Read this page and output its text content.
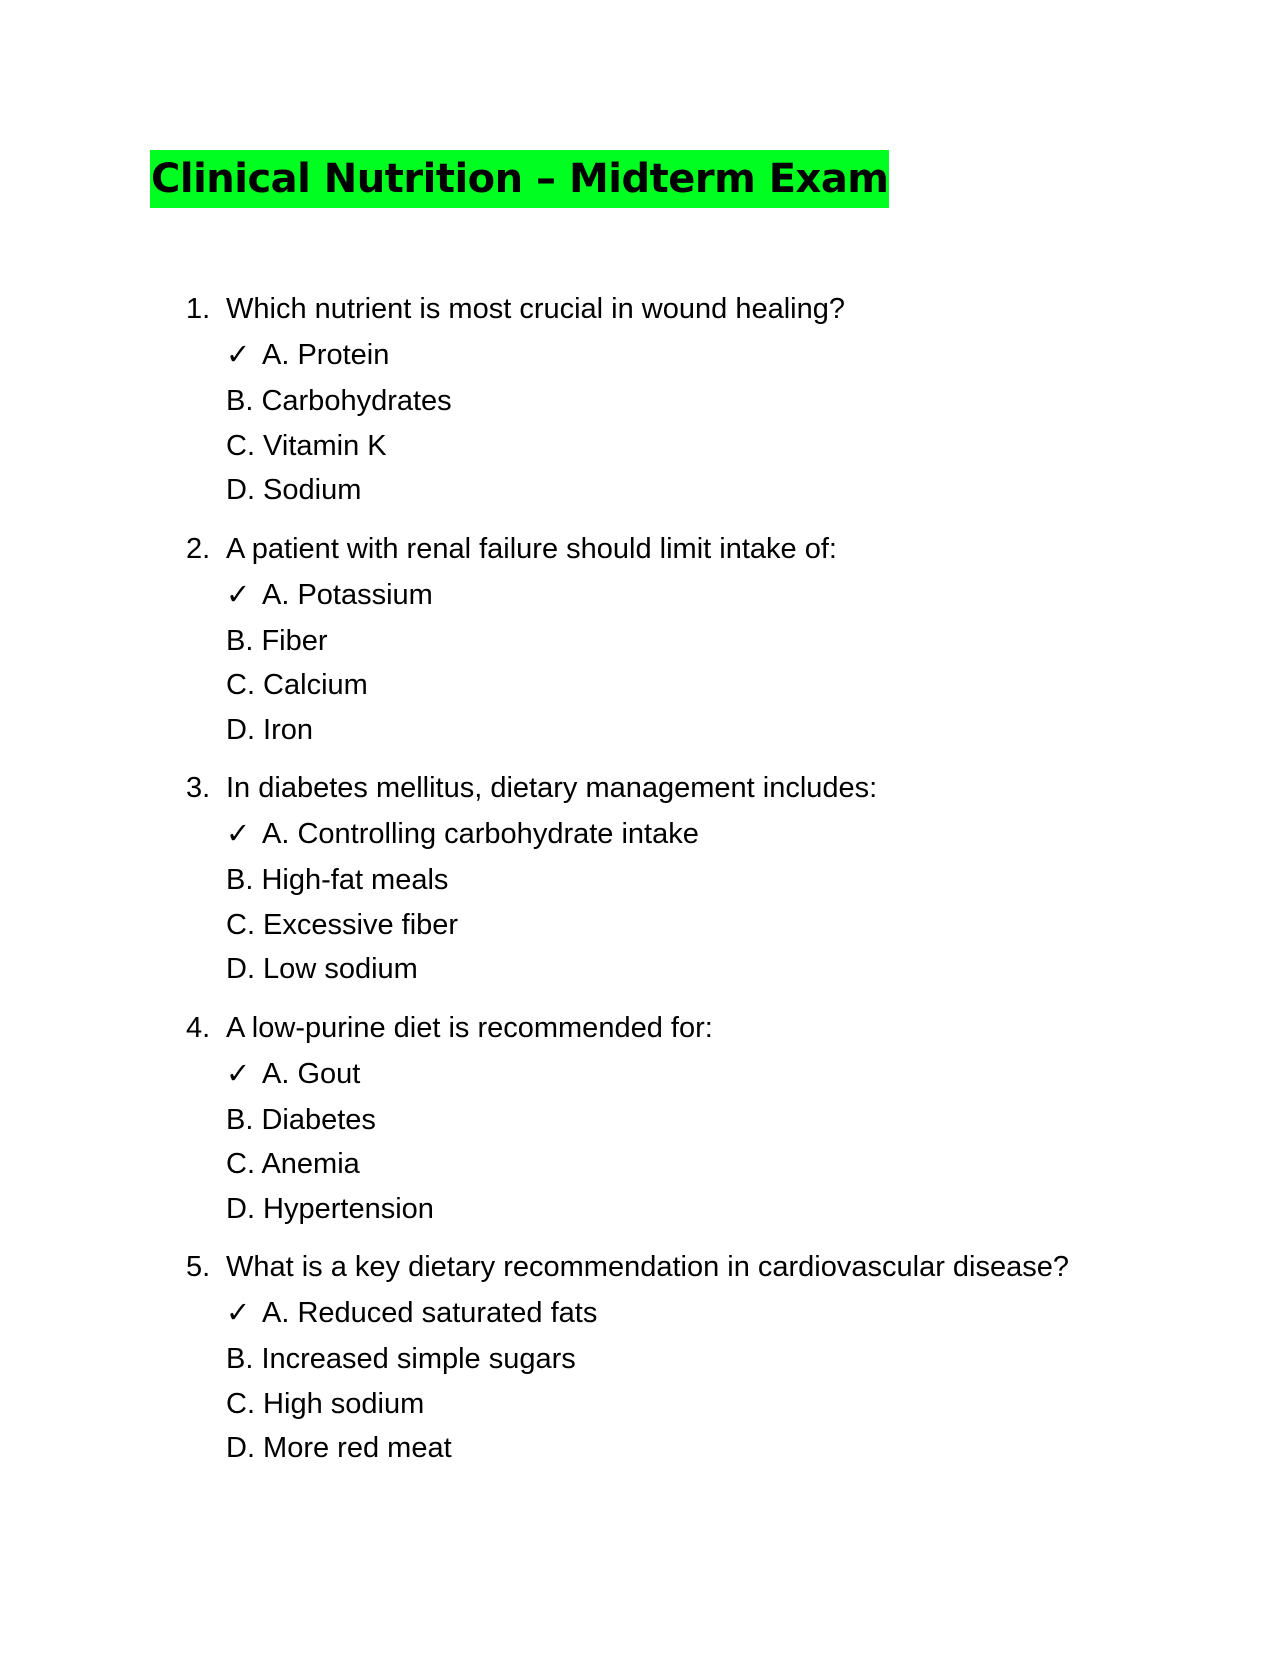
Clinical Nutrition – Midterm Exam
1. Which nutrient is most crucial in wound healing?
✓ A. Protein
B. Carbohydrates
C. Vitamin K
D. Sodium
2. A patient with renal failure should limit intake of:
✓ A. Potassium
B. Fiber
C. Calcium
D. Iron
3. In diabetes mellitus, dietary management includes:
✓ A. Controlling carbohydrate intake
B. High-fat meals
C. Excessive fiber
D. Low sodium
4. A low-purine diet is recommended for:
✓ A. Gout
B. Diabetes
C. Anemia
D. Hypertension
5. What is a key dietary recommendation in cardiovascular disease?
✓ A. Reduced saturated fats
B. Increased simple sugars
C. High sodium
D. More red meat
